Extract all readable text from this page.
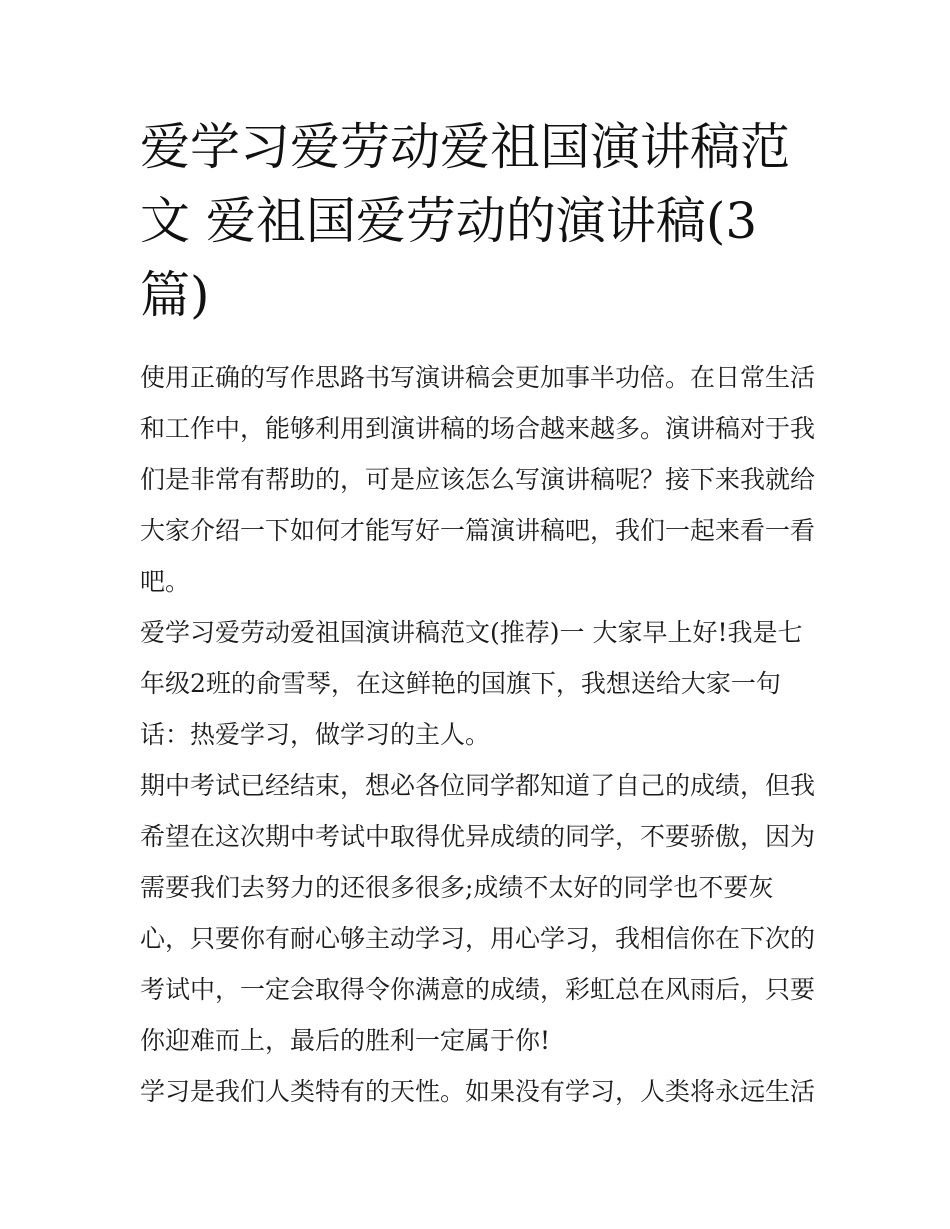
爱学习爱劳动爱祖国演讲稿范文 爱祖国爱劳动的演讲稿(3篇)

使用正确的写作思路书写演讲稿会更加事半功倍。在日常生活和工作中，能够利用到演讲稿的场合越来越多。演讲稿对于我们是非常有帮助的，可是应该怎么写演讲稿呢？接下来我就给大家介绍一下如何才能写好一篇演讲稿吧，我们一起来看一看吧。

爱学习爱劳动爱祖国演讲稿范文(推荐)一 大家早上好!我是七年级2班的俞雪琴，在这鲜艳的国旗下，我想送给大家一句话：热爱学习，做学习的主人。

期中考试已经结束，想必各位同学都知道了自己的成绩，但我希望在这次期中考试中取得优异成绩的同学，不要骄傲，因为需要我们去努力的还很多很多;成绩不太好的同学也不要灰心，只要你有耐心够主动学习，用心学习，我相信你在下次的考试中，一定会取得令你满意的成绩，彩虹总在风雨后，只要你迎难而上，最后的胜利一定属于你!

学习是我们人类特有的天性。如果没有学习，人类将永远生活
